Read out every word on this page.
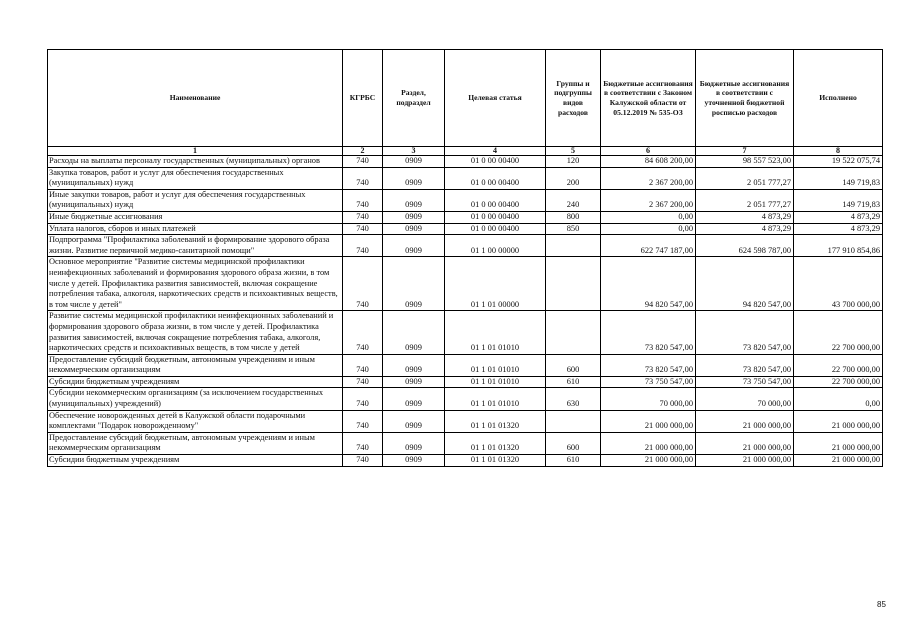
Наименование	КГРБС	Раздел, подраздел	Целевая статья	Группы и подгруппы видов расходов	Бюджетные ассигнования в соответствии с Законом Калужской области от 05.12.2019 № 535-ОЗ	Бюджетные ассигнования в соответствии с уточненной бюджетной росписью расходов	Исполнено
1	2	3	4	5	6	7	8
Расходы на выплаты персоналу государственных (муниципальных) органов	740	0909	01 0 00 00400	120	84 608 200,00	98 557 523,00	19 522 075,74
Закупка товаров, работ и услуг для обеспечения государственных (муниципальных) нужд	740	0909	01 0 00 00400	200	2 367 200,00	2 051 777,27	149 719,83
Иные закупки товаров, работ и услуг для обеспечения государственных (муниципальных) нужд	740	0909	01 0 00 00400	240	2 367 200,00	2 051 777,27	149 719,83
Иные бюджетные ассигнования	740	0909	01 0 00 00400	800	0,00	4 873,29	4 873,29
Уплата налогов, сборов и иных платежей	740	0909	01 0 00 00400	850	0,00	4 873,29	4 873,29
Подпрограмма "Профилактика заболеваний и формирование здорового образа жизни. Развитие первичной медико-санитарной помощи"	740	0909	01 1 00 00000		622 747 187,00	624 598 787,00	177 910 854,86
Основное мероприятие "Развитие системы медицинской профилактики неинфекционных заболеваний и формирования здорового образа жизни, в том числе у детей. Профилактика развития зависимостей, включая сокращение потребления табака, алкоголя, наркотических средств и психоактивных веществ, в том числе у детей"	740	0909	01 1 01 00000		94 820 547,00	94 820 547,00	43 700 000,00
Развитие системы медицинской профилактики неинфекционных заболеваний и формирования здорового образа жизни, в том числе у детей. Профилактика развития зависимостей, включая сокращение потребления табака, алкоголя, наркотических средств и психоактивных веществ, в том числе у детей	740	0909	01 1 01 01010		73 820 547,00	73 820 547,00	22 700 000,00
Предоставление субсидий бюджетным, автономным учреждениям и иным некоммерческим организациям	740	0909	01 1 01 01010	600	73 820 547,00	73 820 547,00	22 700 000,00
Субсидии бюджетным учреждениям	740	0909	01 1 01 01010	610	73 750 547,00	73 750 547,00	22 700 000,00
Субсидии некоммерческим организациям (за исключением государственных (муниципальных) учреждений)	740	0909	01 1 01 01010	630	70 000,00	70 000,00	0,00
Обеспечение новорожденных детей в Калужской области подарочными комплектами "Подарок новорожденному"	740	0909	01 1 01 01320		21 000 000,00	21 000 000,00	21 000 000,00
Предоставление субсидий бюджетным, автономным учреждениям и иным некоммерческим организациям	740	0909	01 1 01 01320	600	21 000 000,00	21 000 000,00	21 000 000,00
Субсидии бюджетным учреждениям	740	0909	01 1 01 01320	610	21 000 000,00	21 000 000,00	21 000 000,00
85
